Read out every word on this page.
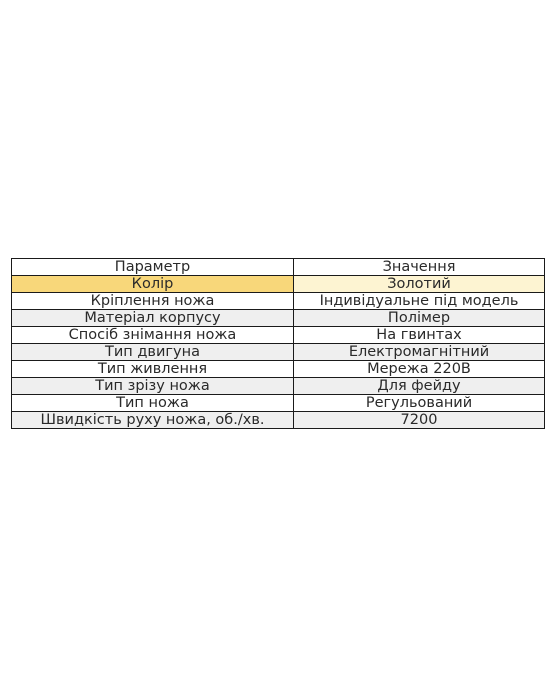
Параметр	Значення
Колір	Золотий
Кріплення ножа	Індивідуальне під модель
Матеріал корпусу	Полімер
Спосіб знімання ножа	На гвинтах
Тип двигуна	Електромагнітний
Тип живлення	Мережа 220В
Тип зрізу ножа	Для фейду
Тип ножа	Регульований
Швидкість руху ножа, об./хв.	7200
